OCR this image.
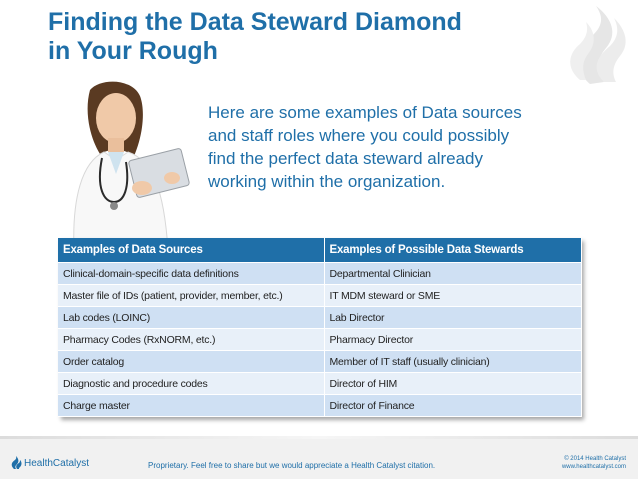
Finding the Data Steward Diamond
in Your Rough
Here are some examples of Data sources
and staff roles where you could possibly
find the perfect data steward already
working within the organization.
Examples of Data Sources	Examples of Possible Data Stewards
Clinical-domain-specific data definitions	Departmental Clinician
Master file of IDs (patient, provider, member, etc.)	IT MDM steward or SME
Lab codes (LOINC)	Lab Director
Pharmacy Codes (RxNORM, etc.)	Pharmacy Director
Order catalog	Member of IT staff (usually clinician)
Diagnostic and procedure codes	Director of HIM
Charge master	Director of Finance
HealthCatalyst	Proprietary. Feel free to share but we would appreciate a Health Catalyst citation.
© 2014 Health Catalyst
www.healthcatalyst.com
